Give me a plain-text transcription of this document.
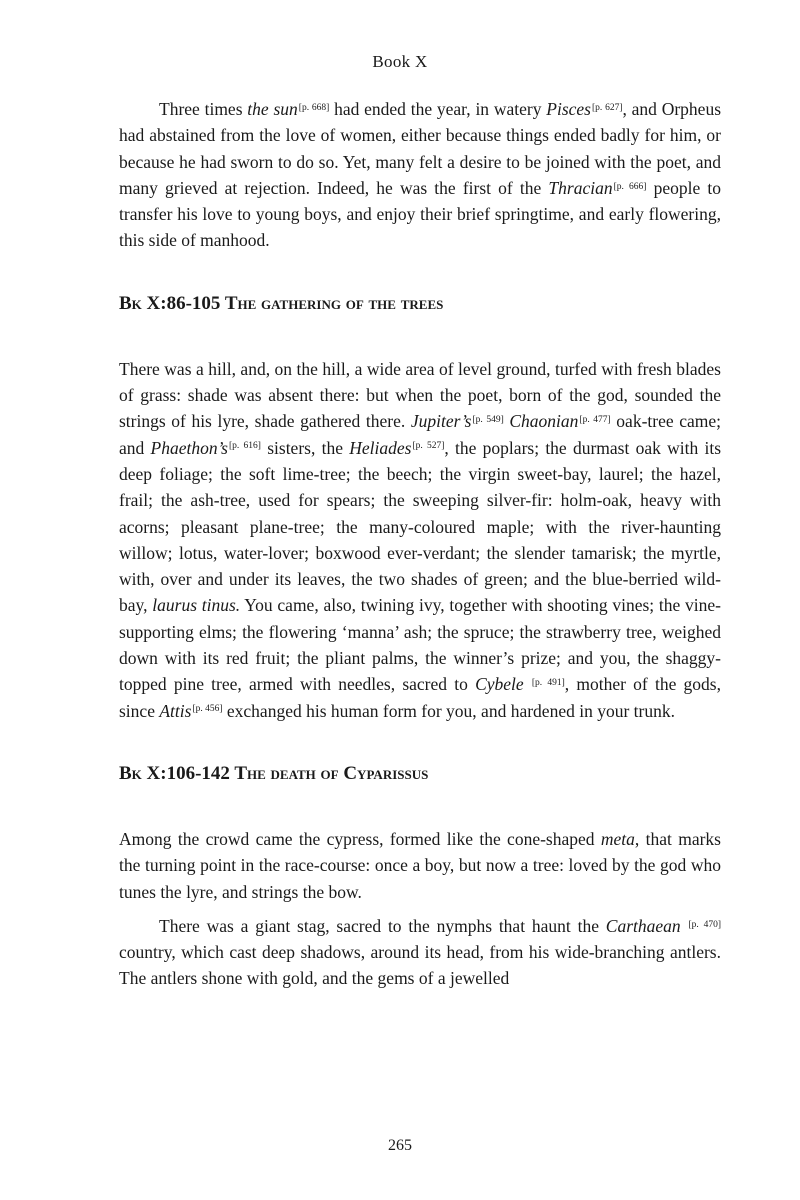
Book X

Three times the sun[p. 668] had ended the year, in watery Pisces[p. 627], and Orpheus had abstained from the love of women, either because things ended badly for him, or because he had sworn to do so. Yet, many felt a desire to be joined with the poet, and many grieved at rejection. Indeed, he was the first of the Thracian[p. 666] people to transfer his love to young boys, and enjoy their brief springtime, and early flowering, this side of manhood.

Bk X:86-105 The gathering of the trees

There was a hill, and, on the hill, a wide area of level ground, turfed with fresh blades of grass: shade was absent there: but when the poet, born of the god, sounded the strings of his lyre, shade gathered there. Jupiter’s[p. 549] Chaonian[p. 477] oak-tree came; and Phaethon’s[p. 616] sisters, the Heliades[p. 527], the poplars; the durmast oak with its deep foliage; the soft lime-tree; the beech; the virgin sweet-bay, laurel; the hazel, frail; the ash-tree, used for spears; the sweeping silver-fir: holm-oak, heavy with acorns; pleasant plane-tree; the many-coloured maple; with the river-haunting willow; lotus, water-lover; boxwood ever-verdant; the slender tamarisk; the myrtle, with, over and under its leaves, the two shades of green; and the blue-berried wild-bay, laurus tinus. You came, also, twining ivy, together with shooting vines; the vine-supporting elms; the flowering ‘manna’ ash; the spruce; the strawberry tree, weighed down with its red fruit; the pliant palms, the winner’s prize; and you, the shaggy-topped pine tree, armed with needles, sacred to Cybele [p. 491], mother of the gods, since Attis[p. 456] exchanged his human form for you, and hardened in your trunk.

Bk X:106-142 The death of Cyparissus

Among the crowd came the cypress, formed like the cone-shaped meta, that marks the turning point in the race-course: once a boy, but now a tree: loved by the god who tunes the lyre, and strings the bow.

There was a giant stag, sacred to the nymphs that haunt the Carthaean [p. 470] country, which cast deep shadows, around its head, from his wide-branching antlers. The antlers shone with gold, and the gems of a jewelled

265
